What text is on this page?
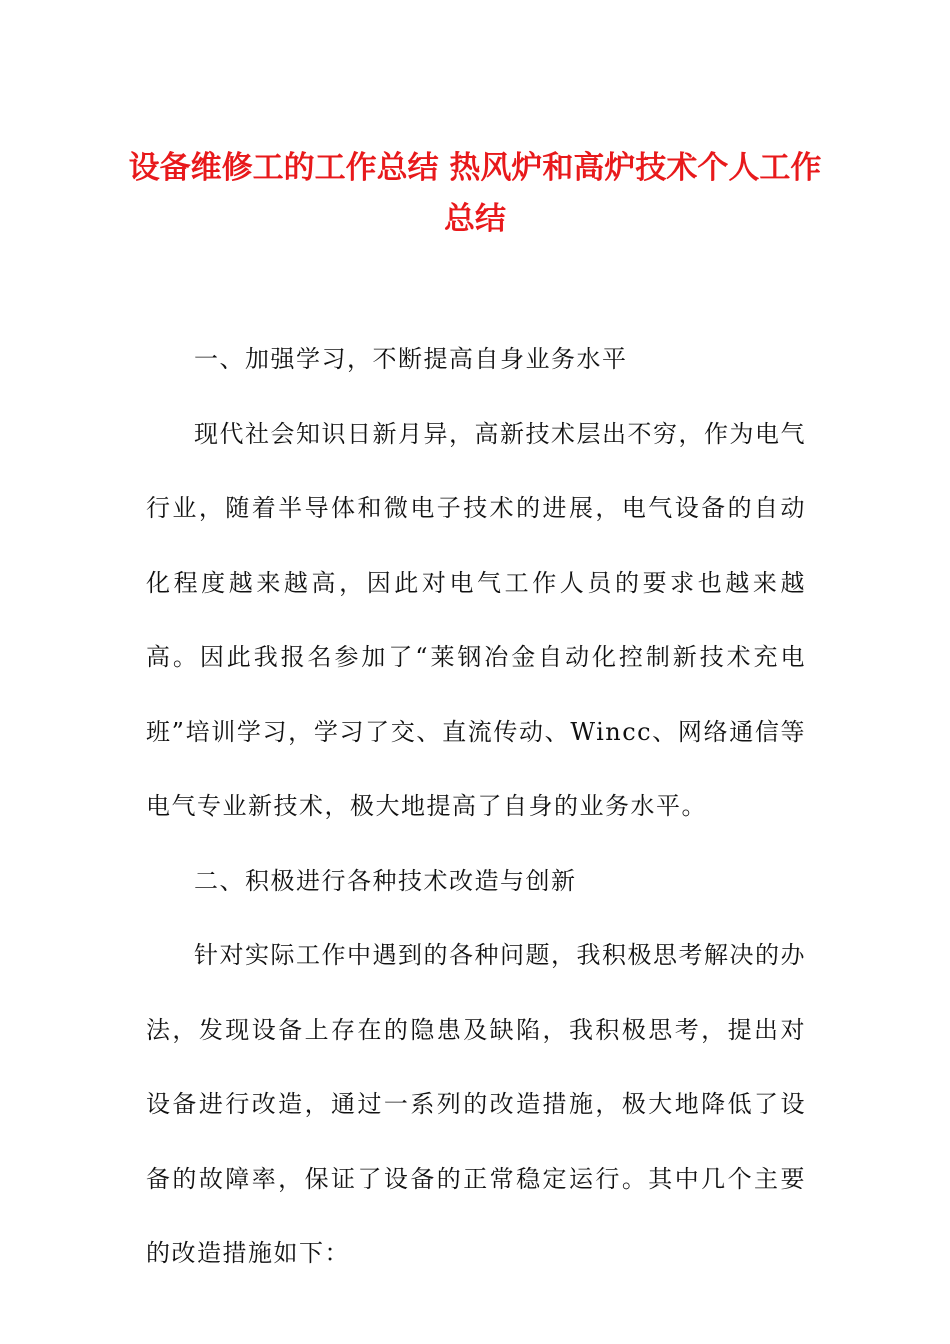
设备维修工的工作总结 热风炉和高炉技术个人工作总结

一、加强学习，不断提高自身业务水平

现代社会知识日新月异，高新技术层出不穷，作为电气行业，随着半导体和微电子技术的进展，电气设备的自动化程度越来越高，因此对电气工作人员的要求也越来越高。因此我报名参加了“莱钢冶金自动化控制新技术充电班”培训学习，学习了交、直流传动、Wincc、网络通信等电气专业新技术，极大地提高了自身的业务水平。

二、积极进行各种技术改造与创新

针对实际工作中遇到的各种问题，我积极思考解决的办法，发现设备上存在的隐患及缺陷，我积极思考，提出对设备进行改造，通过一系列的改造措施，极大地降低了设备的故障率，保证了设备的正常稳定运行。其中几个主要的改造措施如下：
